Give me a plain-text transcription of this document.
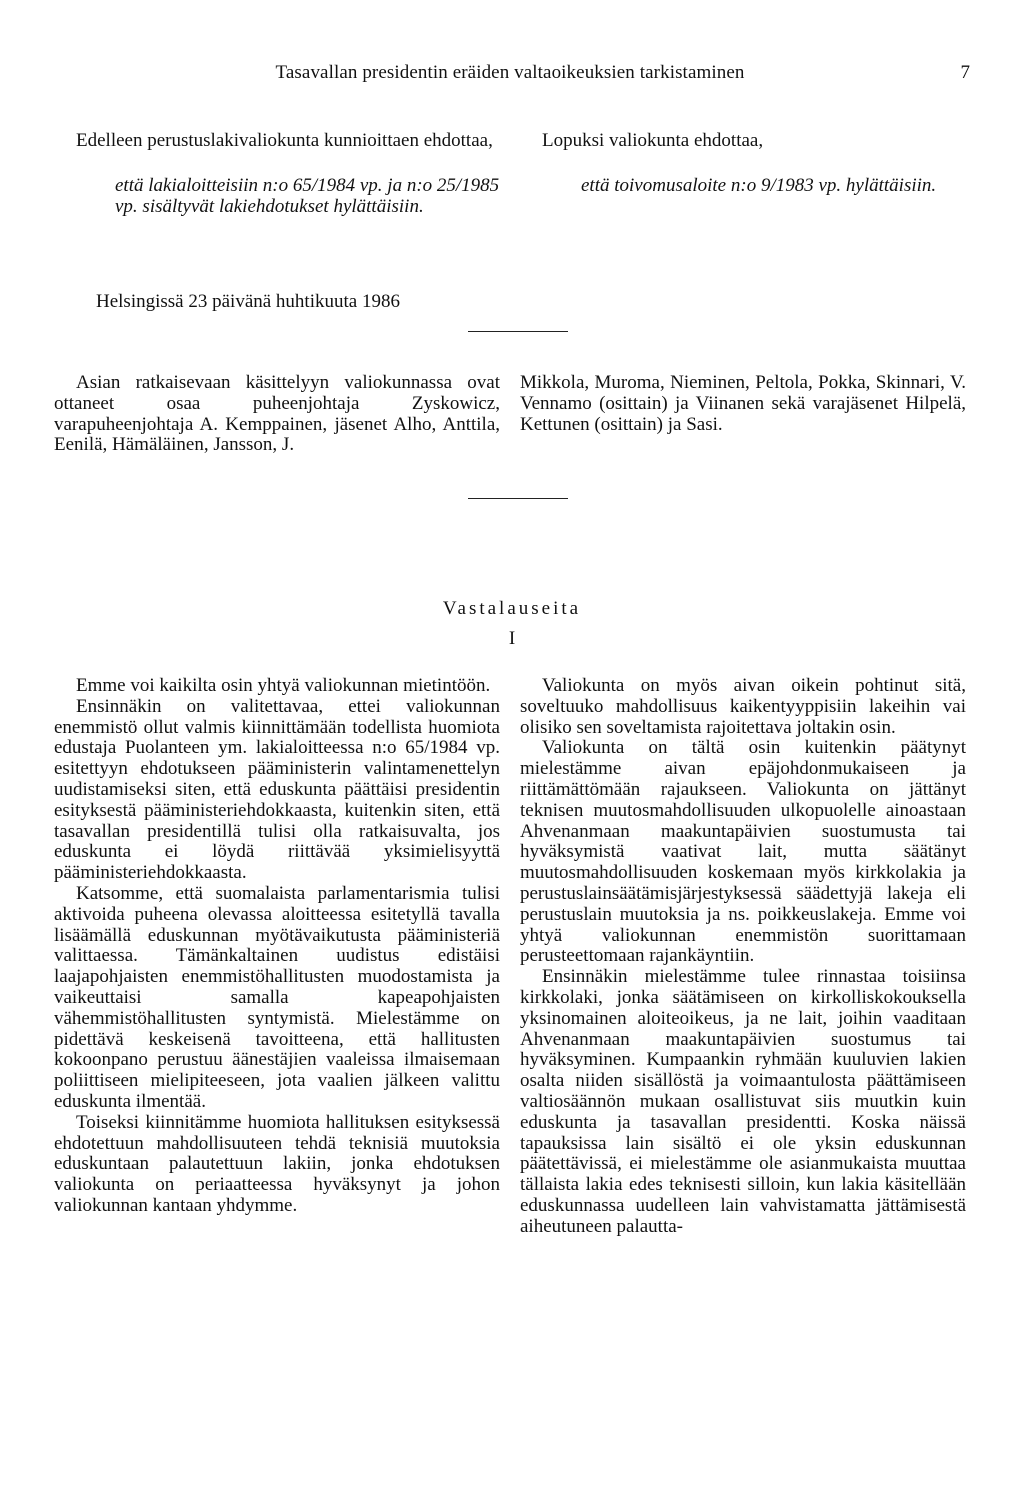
Tasavallan presidentin eräiden valtaoikeuksien tarkistaminen	7

Edelleen perustuslakivaliokunta kunnioittaen ehdottaa,

että lakialoitteisiin n:o 65/1984 vp. ja n:o 25/1985 vp. sisältyvät lakiehdotukset hylättäisiin.

Lopuksi valiokunta ehdottaa,

että toivomusaloite n:o 9/1983 vp. hylättäisiin.

Helsingissä 23 päivänä huhtikuuta 1986

Asian ratkaisevaan käsittelyyn valiokunnassa ovat ottaneet osaa puheenjohtaja Zyskowicz, varapuheenjohtaja A. Kemppainen, jäsenet Alho, Anttila, Eenilä, Hämäläinen, Jansson, J.

Mikkola, Muroma, Nieminen, Peltola, Pokka, Skinnari, V. Vennamo (osittain) ja Viinanen sekä varajäsenet Hilpelä, Kettunen (osittain) ja Sasi.

Vastalauseita
I

Emme voi kaikilta osin yhtyä valiokunnan mietintöön.

Ensinnäkin on valitettavaa, ettei valiokunnan enemmistö ollut valmis kiinnittämään todellista huomiota edustaja Puolanteen ym. lakialoitteessa n:o 65/1984 vp. esitettyyn ehdotukseen pääministerin valintamenettelyn uudistamiseksi siten, että eduskunta päättäisi presidentin esityksestä pääministeriehdokkaasta, kuitenkin siten, että tasavallan presidentillä tulisi olla ratkaisuvalta, jos eduskunta ei löydä riittävää yksimielisyyttä pääministeriehdokkaasta.

Katsomme, että suomalaista parlamentarismia tulisi aktivoida puheena olevassa aloitteessa esitetyllä tavalla lisäämällä eduskunnan myötävaikutusta pääministeriä valittaessa. Tämänkaltainen uudistus edistäisi laajapohjaisten enemmistöhallitusten muodostamista ja vaikeuttaisi samalla kapeapohjaisten vähemmistöhallitusten syntymistä. Mielestämme on pidettävä keskeisenä tavoitteena, että hallitusten kokoonpano perustuu äänestäjien vaaleissa ilmaisemaan poliittiseen mielipiteeseen, jota vaalien jälkeen valittu eduskunta ilmentää.

Toiseksi kiinnitämme huomiota hallituksen esityksessä ehdotettuun mahdollisuuteen tehdä teknisiä muutoksia eduskuntaan palautettuun lakiin, jonka ehdotuksen valiokunta on periaatteessa hyväksynyt ja johon valiokunnan kantaan yhdymme.

Valiokunta on myös aivan oikein pohtinut sitä, soveltuuko mahdollisuus kaikentyyppisiin lakeihin vai olisiko sen soveltamista rajoitettava joltakin osin.

Valiokunta on tältä osin kuitenkin päätynyt mielestämme aivan epäjohdonmukaiseen ja riittämättömään rajaukseen. Valiokunta on jättänyt teknisen muutosmahdollisuuden ulkopuolelle ainoastaan Ahvenanmaan maakuntapäivien suostumusta tai hyväksymistä vaativat lait, mutta säätänyt muutosmahdollisuuden koskemaan myös kirkkolakia ja perustuslainsäätämisjärjestyksessä säädettyjä lakeja eli perustuslain muutoksia ja ns. poikkeuslakeja. Emme voi yhtyä valiokunnan enemmistön suorittamaan perusteettomaan rajankäyntiin.

Ensinnäkin mielestämme tulee rinnastaa toisiinsa kirkkolaki, jonka säätämiseen on kirkolliskokouksella yksinomainen aloiteoikeus, ja ne lait, joihin vaaditaan Ahvenanmaan maakuntapäivien suostumus tai hyväksyminen. Kumpaankin ryhmään kuuluvien lakien osalta niiden sisällöstä ja voimaantulosta päättämiseen valtiosäännön mukaan osallistuvat siis muutkin kuin eduskunta ja tasavallan presidentti. Koska näissä tapauksissa lain sisältö ei ole yksin eduskunnan päätettävissä, ei mielestämme ole asianmukaista muuttaa tällaista lakia edes teknisesti silloin, kun lakia käsitellään eduskunnassa uudelleen lain vahvistamatta jättämisestä aiheutuneen palautta-
